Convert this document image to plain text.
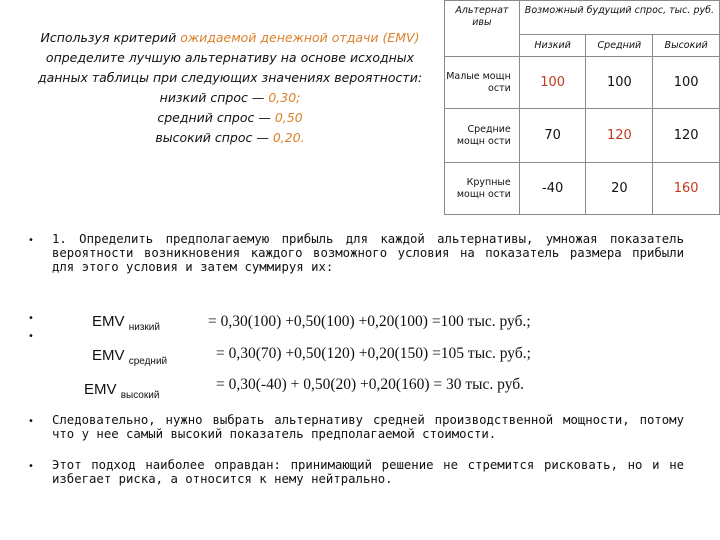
Используя критерий ожидаемой денежной отдачи (EMV)
определите лучшую альтернативу на основе исходных
данных таблицы при следующих значениях вероятности:
низкий спрос — 0,30;
средний спрос — 0,50
высокий спрос — 0,20.
Альтернат ивы	Возможный будущий спрос, тыс. руб.		
	Низкий	Средний	Высокий
Малые мощн ости	100	100	100
Средние мощн ости	70	120	120
Крупные мощн ости	-40	20	160
• 1. Определить предполагаемую прибыль для каждой альтернативы, умножая показатель вероятности возникновения каждого возможного условия на показатель размера прибыли для этого условия и затем суммируя их:
•
•
EMV $_{низкий}$	= 0,30(100) +0,50(100) +0,20(100) =100 тыс. руб.;
EMV $_{средний}$	= 0,30(70) +0,50(120) +0,20(150) =105 тыс. руб.;
EMV $_{высокий}$
= 0,30(-40) + 0,50(20) +0,20(160) = 30 тыс. руб.
• Следовательно, нужно выбрать альтернативу средней производственной мощности, потому что у нее самый высокий показатель предполагаемой стоимости.
• Этот подход наиболее оправдан: принимающий решение не стремится рисковать, но и не избегает риска, а относится к нему нейтрально.
